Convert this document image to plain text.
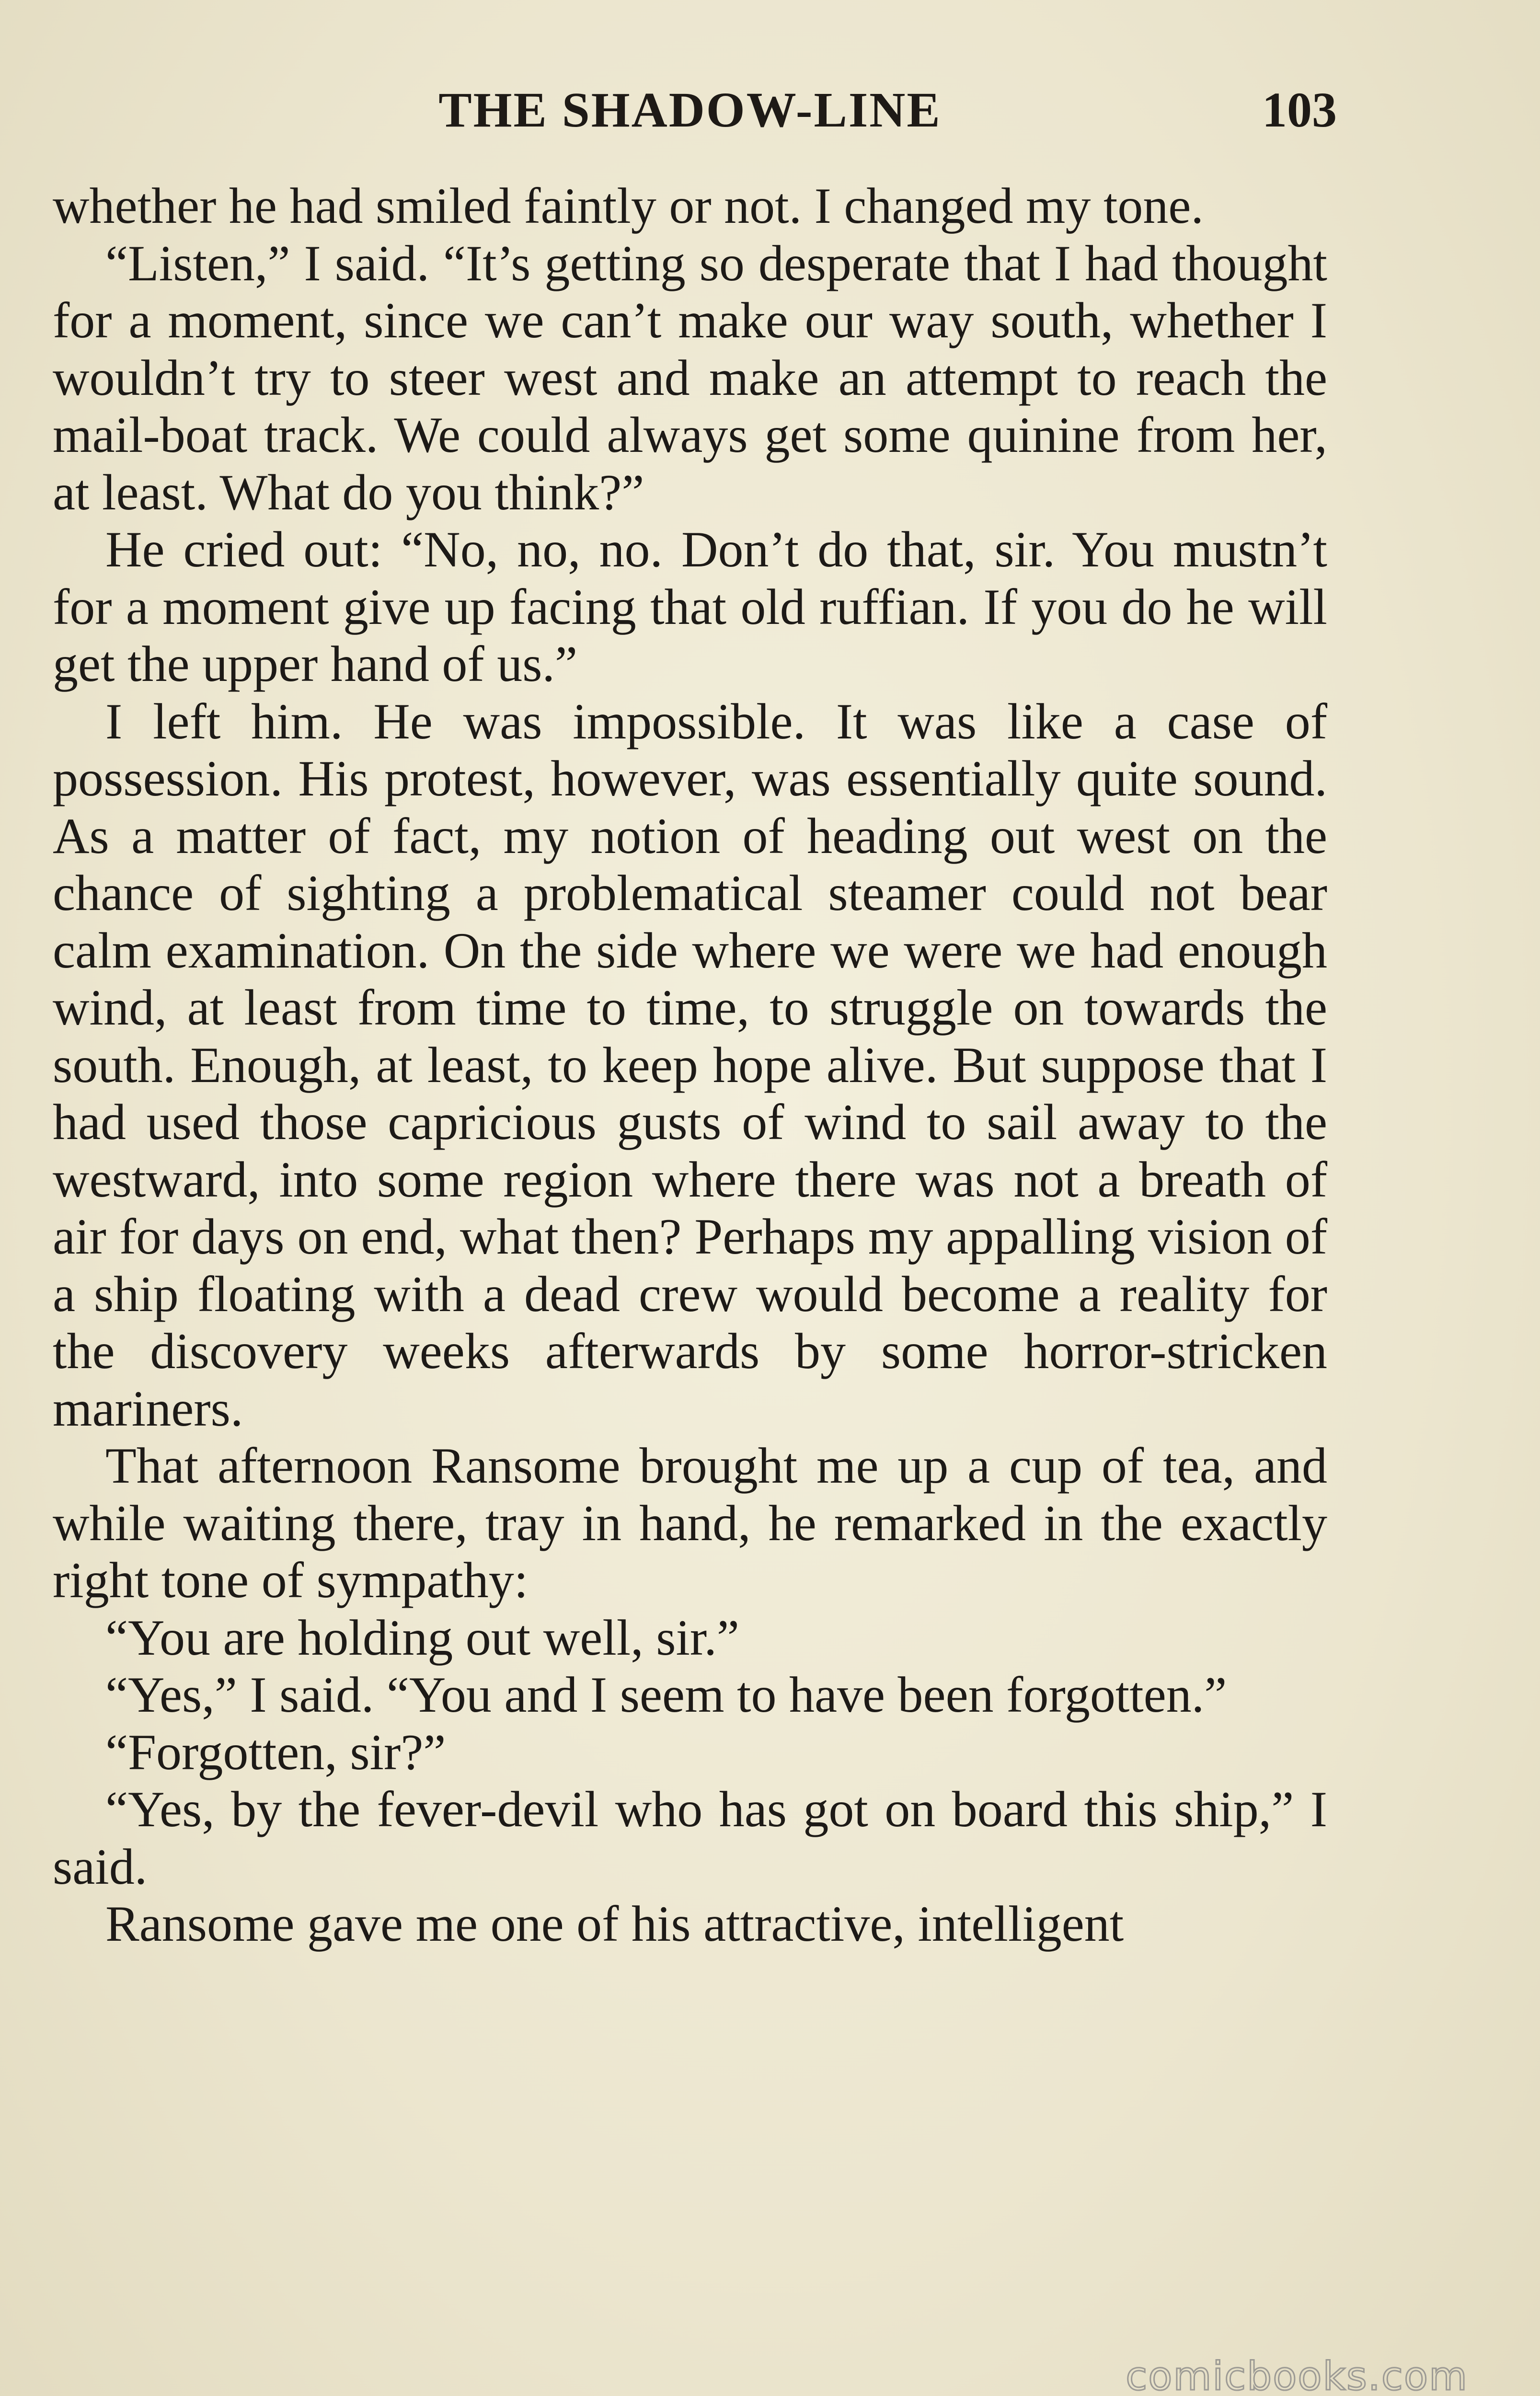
THE SHADOW-LINE	103

whether he had smiled faintly or not. I changed my tone.

“Listen,” I said. “It’s getting so desperate that I had thought for a moment, since we can’t make our way south, whether I wouldn’t try to steer west and make an attempt to reach the mail-boat track. We could always get some quinine from her, at least. What do you think?”

He cried out: “No, no, no. Don’t do that, sir. You mustn’t for a moment give up facing that old ruffian. If you do he will get the upper hand of us.”

I left him. He was impossible. It was like a case of possession. His protest, however, was essentially quite sound. As a matter of fact, my notion of heading out west on the chance of sighting a problematical steamer could not bear calm examination. On the side where we were we had enough wind, at least from time to time, to struggle on towards the south. Enough, at least, to keep hope alive. But suppose that I had used those capricious gusts of wind to sail away to the westward, into some region where there was not a breath of air for days on end, what then? Perhaps my appalling vision of a ship floating with a dead crew would become a reality for the discovery weeks afterwards by some horror-stricken mariners.

That afternoon Ransome brought me up a cup of tea, and while waiting there, tray in hand, he remarked in the exactly right tone of sympathy:

“You are holding out well, sir.”

“Yes,” I said. “You and I seem to have been forgotten.”

“Forgotten, sir?”

“Yes, by the fever-devil who has got on board this ship,” I said.

Ransome gave me one of his attractive, intelligent

comicbooks.com
